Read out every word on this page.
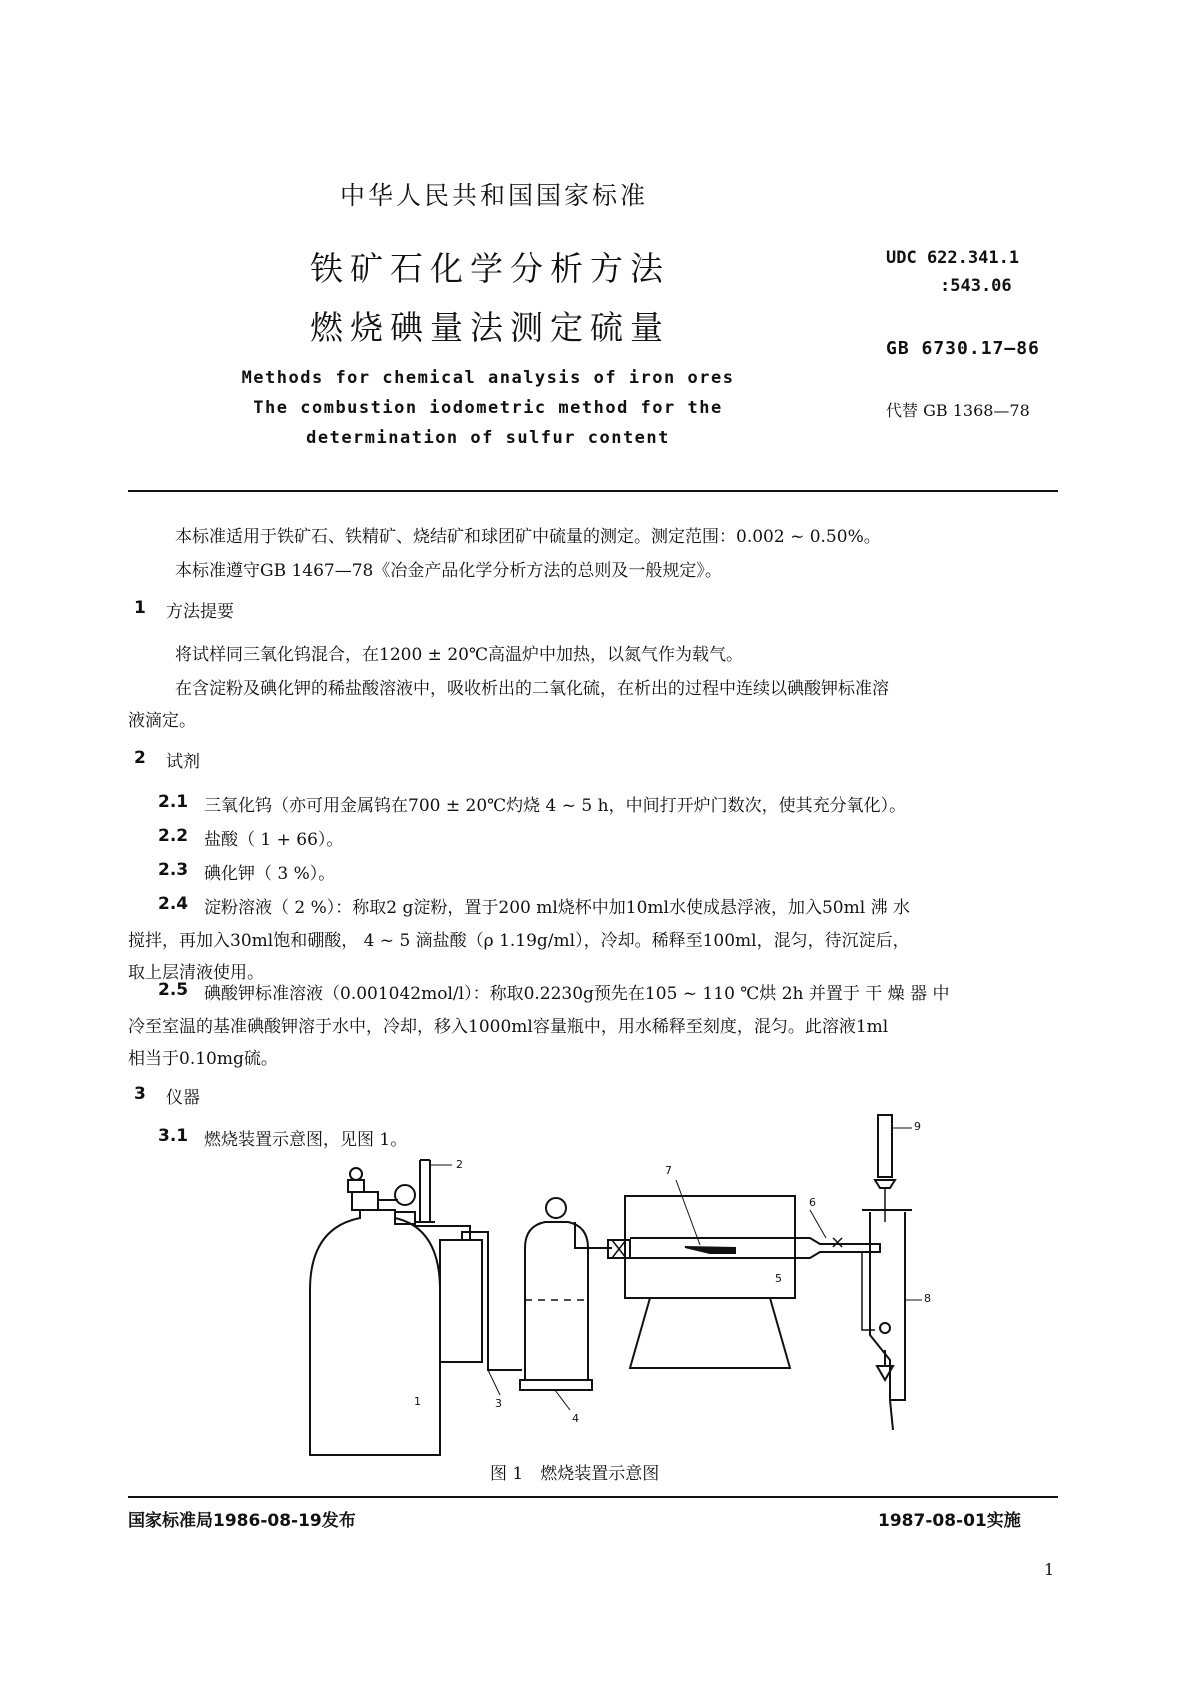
中华人民共和国国家标准
铁矿石化学分析方法
燃烧碘量法测定硫量
Methods for chemical analysis of iron ores
The combustion iodometric method for the
determination of sulfur content
UDC 622.341.1
:543.06
GB 6730.17—86
代替 GB 1368—78
本标准适用于铁矿石、铁精矿、烧结矿和球团矿中硫量的测定。测定范围：0.002 ~ 0.50%。
本标准遵守GB 1467—78《冶金产品化学分析方法的总则及一般规定》。
1 方法提要
将试样同三氧化钨混合，在1200 ± 20℃高温炉中加热，以氮气作为载气。
在含淀粉及碘化钾的稀盐酸溶液中，吸收析出的二氧化硫，在析出的过程中连续以碘酸钾标准溶
液滴定。
2 试剂
2.1 三氧化钨（亦可用金属钨在700 ± 20℃灼烧 4 ~ 5 h，中间打开炉门数次，使其充分氧化）。
2.2 盐酸（ 1 + 66）。
2.3 碘化钾（ 3 %）。
2.4 淀粉溶液（ 2 %）：称取2 g淀粉，置于200 ml烧杯中加10ml水使成悬浮液，加入50ml 沸 水
搅拌，再加入30ml饱和硼酸， 4 ~ 5 滴盐酸（ρ 1.19g/ml），冷却。稀释至100ml，混匀，待沉淀后，
取上层清液使用。
2.5 碘酸钾标准溶液（0.001042mol/l）：称取0.2230g预先在105 ~ 110 ℃烘 2h 并置于 干 燥 器 中
冷至室温的基准碘酸钾溶于水中，冷却，移入1000ml容量瓶中，用水稀释至刻度，混匀。此溶液1ml
相当于0.10mg硫。
3 仪器
3.1 燃烧装置示意图，见图 1。
1
2
3
4
5
6
7
8
9
×
图 1　燃烧装置示意图
国家标准局1986-08-19发布	1987-08-01实施
1
